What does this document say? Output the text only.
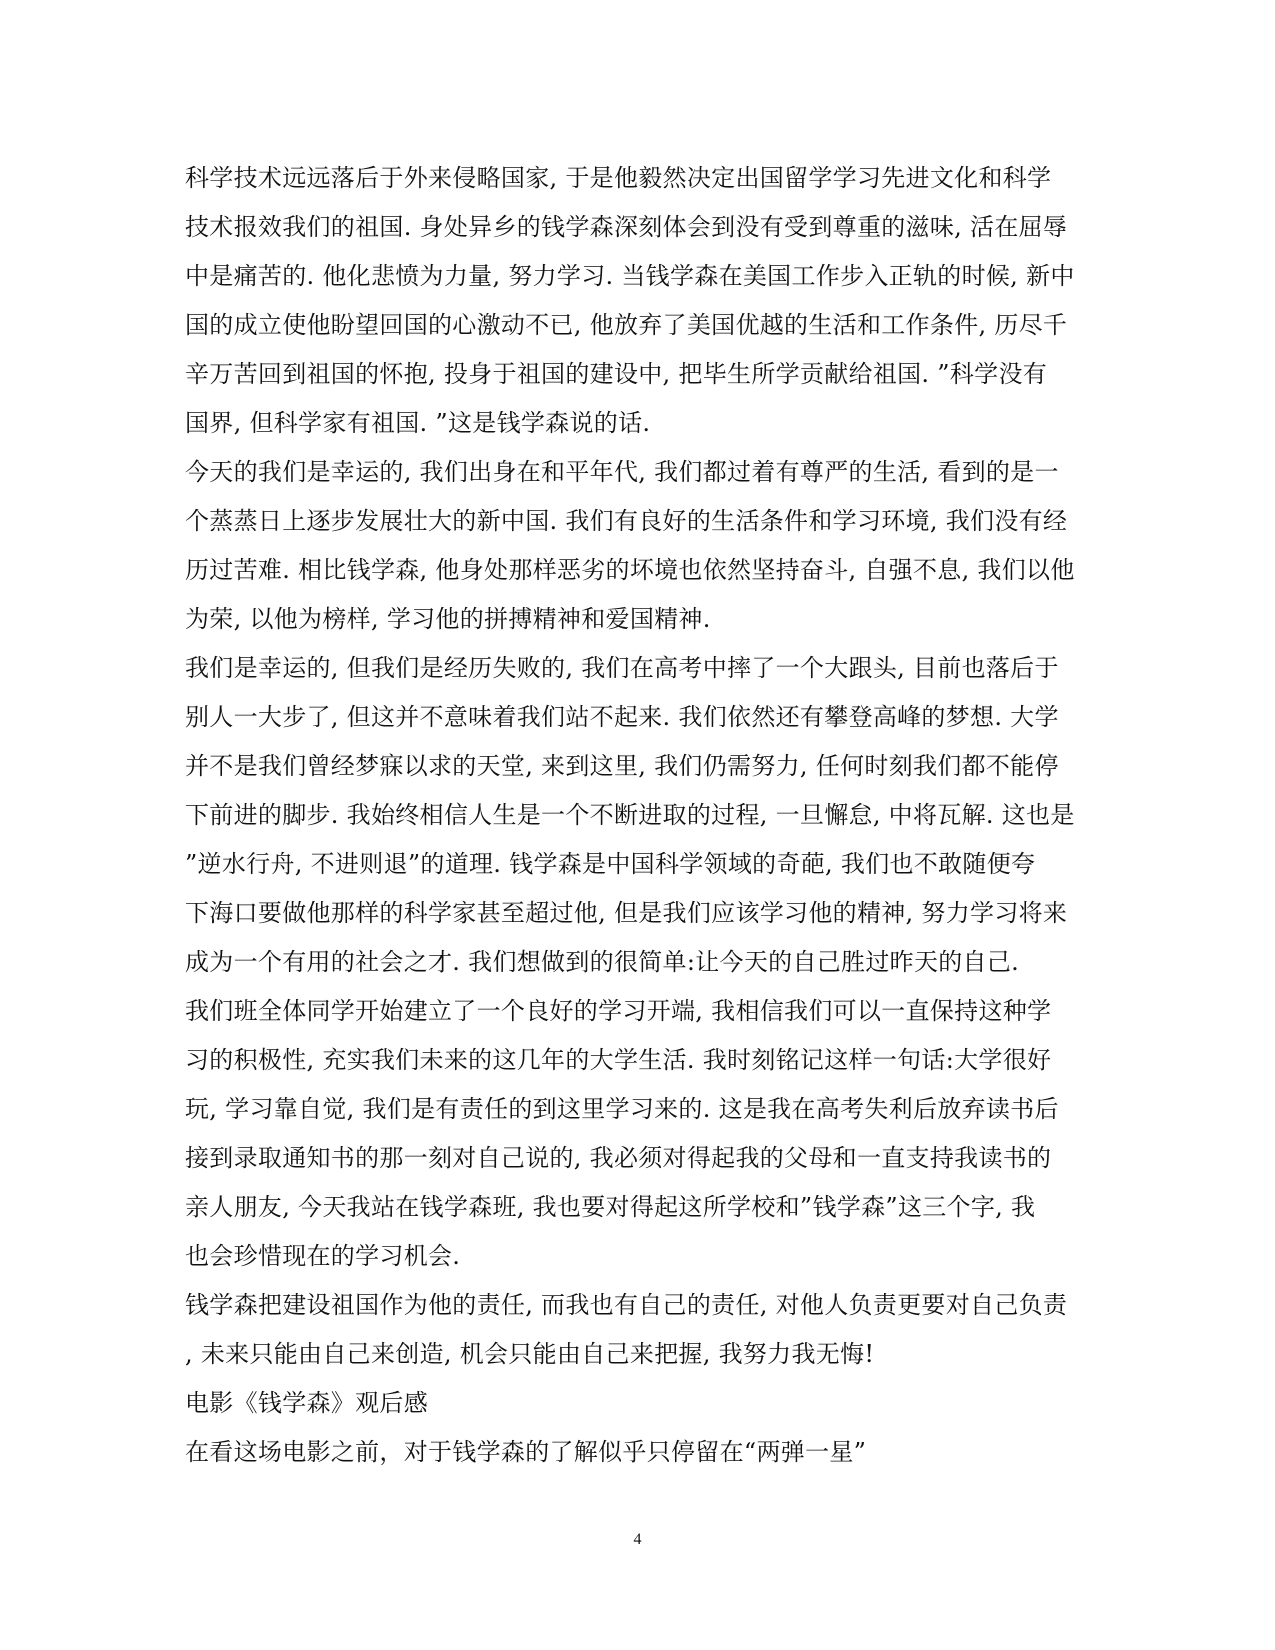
科学技术远远落后于外来侵略国家, 于是他毅然决定出国留学学习先进文化和科学
技术报效我们的祖国. 身处异乡的钱学森深刻体会到没有受到尊重的滋味, 活在屈辱
中是痛苦的. 他化悲愤为力量, 努力学习. 当钱学森在美国工作步入正轨的时候, 新中
国的成立使他盼望回国的心激动不已, 他放弃了美国优越的生活和工作条件, 历尽千
辛万苦回到祖国的怀抱, 投身于祖国的建设中, 把毕生所学贡献给祖国. ”科学没有
国界, 但科学家有祖国. ”这是钱学森说的话.
今天的我们是幸运的, 我们出身在和平年代, 我们都过着有尊严的生活, 看到的是一
个蒸蒸日上逐步发展壮大的新中国. 我们有良好的生活条件和学习环境, 我们没有经
历过苦难. 相比钱学森, 他身处那样恶劣的坏境也依然坚持奋斗, 自强不息, 我们以他
为荣, 以他为榜样, 学习他的拼搏精神和爱国精神.
我们是幸运的, 但我们是经历失败的, 我们在高考中摔了一个大跟头, 目前也落后于
别人一大步了, 但这并不意味着我们站不起来. 我们依然还有攀登高峰的梦想. 大学
并不是我们曾经梦寐以求的天堂, 来到这里, 我们仍需努力, 任何时刻我们都不能停
下前进的脚步. 我始终相信人生是一个不断进取的过程, 一旦懈怠, 中将瓦解. 这也是
”逆水行舟, 不进则退”的道理. 钱学森是中国科学领域的奇葩, 我们也不敢随便夸
下海口要做他那样的科学家甚至超过他, 但是我们应该学习他的精神, 努力学习将来
成为一个有用的社会之才. 我们想做到的很简单:让今天的自己胜过昨天的自己.
我们班全体同学开始建立了一个良好的学习开端, 我相信我们可以一直保持这种学
习的积极性, 充实我们未来的这几年的大学生活. 我时刻铭记这样一句话:大学很好
玩, 学习靠自觉, 我们是有责任的到这里学习来的. 这是我在高考失利后放弃读书后
接到录取通知书的那一刻对自己说的, 我必须对得起我的父母和一直支持我读书的
亲人朋友, 今天我站在钱学森班, 我也要对得起这所学校和”钱学森”这三个字, 我
也会珍惜现在的学习机会.
钱学森把建设祖国作为他的责任, 而我也有自己的责任, 对他人负责更要对自己负责
, 未来只能由自己来创造, 机会只能由自己来把握, 我努力我无悔!
电影《钱学森》观后感
在看这场电影之前，对于钱学森的了解似乎只停留在“两弹一星”
4
